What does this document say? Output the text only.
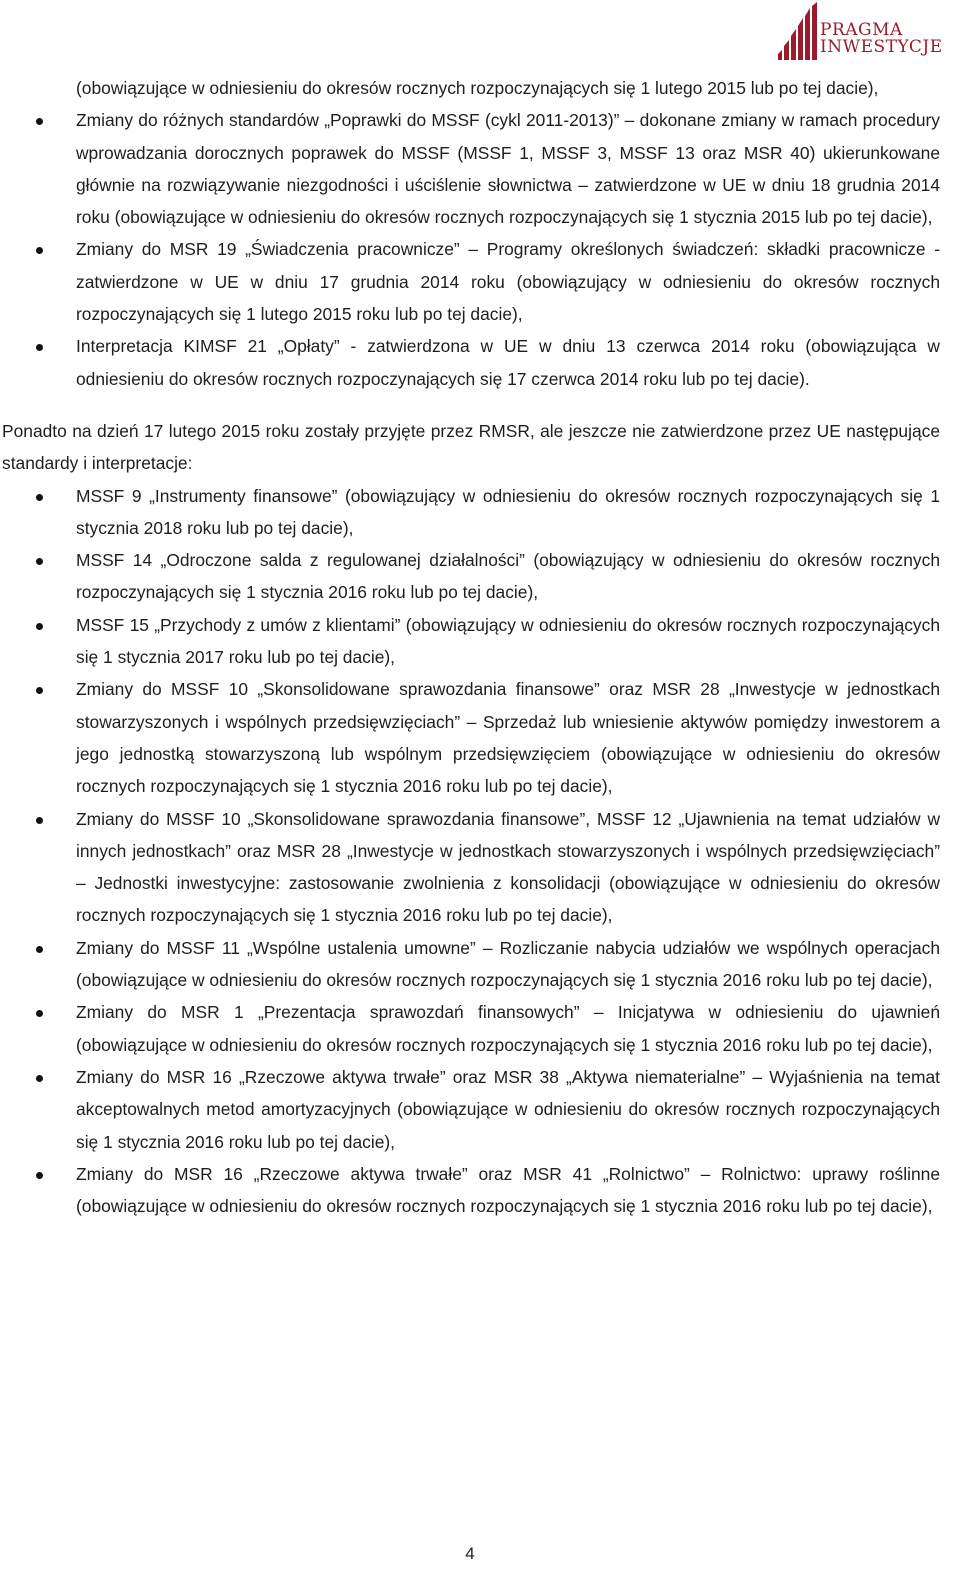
PRAGMA
INWESTYCJE
(obowiązujące w odniesieniu do okresów rocznych rozpoczynających się 1 lutego 2015 lub po tej dacie),
Zmiany do różnych standardów „Poprawki do MSSF (cykl 2011-2013)” – dokonane zmiany w ramach procedury wprowadzania dorocznych poprawek do MSSF (MSSF 1, MSSF 3, MSSF 13 oraz MSR 40) ukierunkowane głównie na rozwiązywanie niezgodności i uściślenie słownictwa – zatwierdzone w UE w dniu 18 grudnia 2014 roku (obowiązujące w odniesieniu do okresów rocznych rozpoczynających się 1 stycznia 2015 lub po tej dacie),
Zmiany do MSR 19 „Świadczenia pracownicze” – Programy określonych świadczeń: składki pracownicze - zatwierdzone w UE w dniu 17 grudnia 2014 roku (obowiązujący w odniesieniu do okresów rocznych rozpoczynających się 1 lutego 2015 roku lub po tej dacie),
Interpretacja KIMSF 21 „Opłaty” - zatwierdzona w UE w dniu 13 czerwca 2014 roku (obowiązująca w odniesieniu do okresów rocznych rozpoczynających się 17 czerwca 2014 roku lub po tej dacie).

Ponadto na dzień 17 lutego 2015 roku zostały przyjęte przez RMSR, ale jeszcze nie zatwierdzone przez UE następujące standardy i interpretacje:

MSSF 9 „Instrumenty finansowe” (obowiązujący w odniesieniu do okresów rocznych rozpoczynających się 1 stycznia 2018 roku lub po tej dacie),
MSSF 14 „Odroczone salda z regulowanej działalności” (obowiązujący w odniesieniu do okresów rocznych rozpoczynających się 1 stycznia 2016 roku lub po tej dacie),
MSSF 15 „Przychody z umów z klientami” (obowiązujący w odniesieniu do okresów rocznych rozpoczynających się 1 stycznia 2017 roku lub po tej dacie),
Zmiany do MSSF 10 „Skonsolidowane sprawozdania finansowe” oraz MSR 28 „Inwestycje w jednostkach stowarzyszonych i wspólnych przedsięwzięciach” – Sprzedaż lub wniesienie aktywów pomiędzy inwestorem a jego jednostką stowarzyszoną lub wspólnym przedsięwzięciem (obowiązujące w odniesieniu do okresów rocznych rozpoczynających się 1 stycznia 2016 roku lub po tej dacie),
Zmiany do MSSF 10 „Skonsolidowane sprawozdania finansowe”, MSSF 12 „Ujawnienia na temat udziałów w innych jednostkach” oraz MSR 28 „Inwestycje w jednostkach stowarzyszonych i wspólnych przedsięwzięciach” – Jednostki inwestycyjne: zastosowanie zwolnienia z konsolidacji (obowiązujące w odniesieniu do okresów rocznych rozpoczynających się 1 stycznia 2016 roku lub po tej dacie),
Zmiany do MSSF 11 „Wspólne ustalenia umowne” – Rozliczanie nabycia udziałów we wspólnych operacjach (obowiązujące w odniesieniu do okresów rocznych rozpoczynających się 1 stycznia 2016 roku lub po tej dacie),
Zmiany do MSR 1 „Prezentacja sprawozdań finansowych” – Inicjatywa w odniesieniu do ujawnień (obowiązujące w odniesieniu do okresów rocznych rozpoczynających się 1 stycznia 2016 roku lub po tej dacie),
Zmiany do MSR 16 „Rzeczowe aktywa trwałe” oraz MSR 38 „Aktywa niematerialne” – Wyjaśnienia na temat akceptowalnych metod amortyzacyjnych (obowiązujące w odniesieniu do okresów rocznych rozpoczynających się 1 stycznia 2016 roku lub po tej dacie),
Zmiany do MSR 16 „Rzeczowe aktywa trwałe” oraz MSR 41 „Rolnictwo” – Rolnictwo: uprawy roślinne (obowiązujące w odniesieniu do okresów rocznych rozpoczynających się 1 stycznia 2016 roku lub po tej dacie),
4
